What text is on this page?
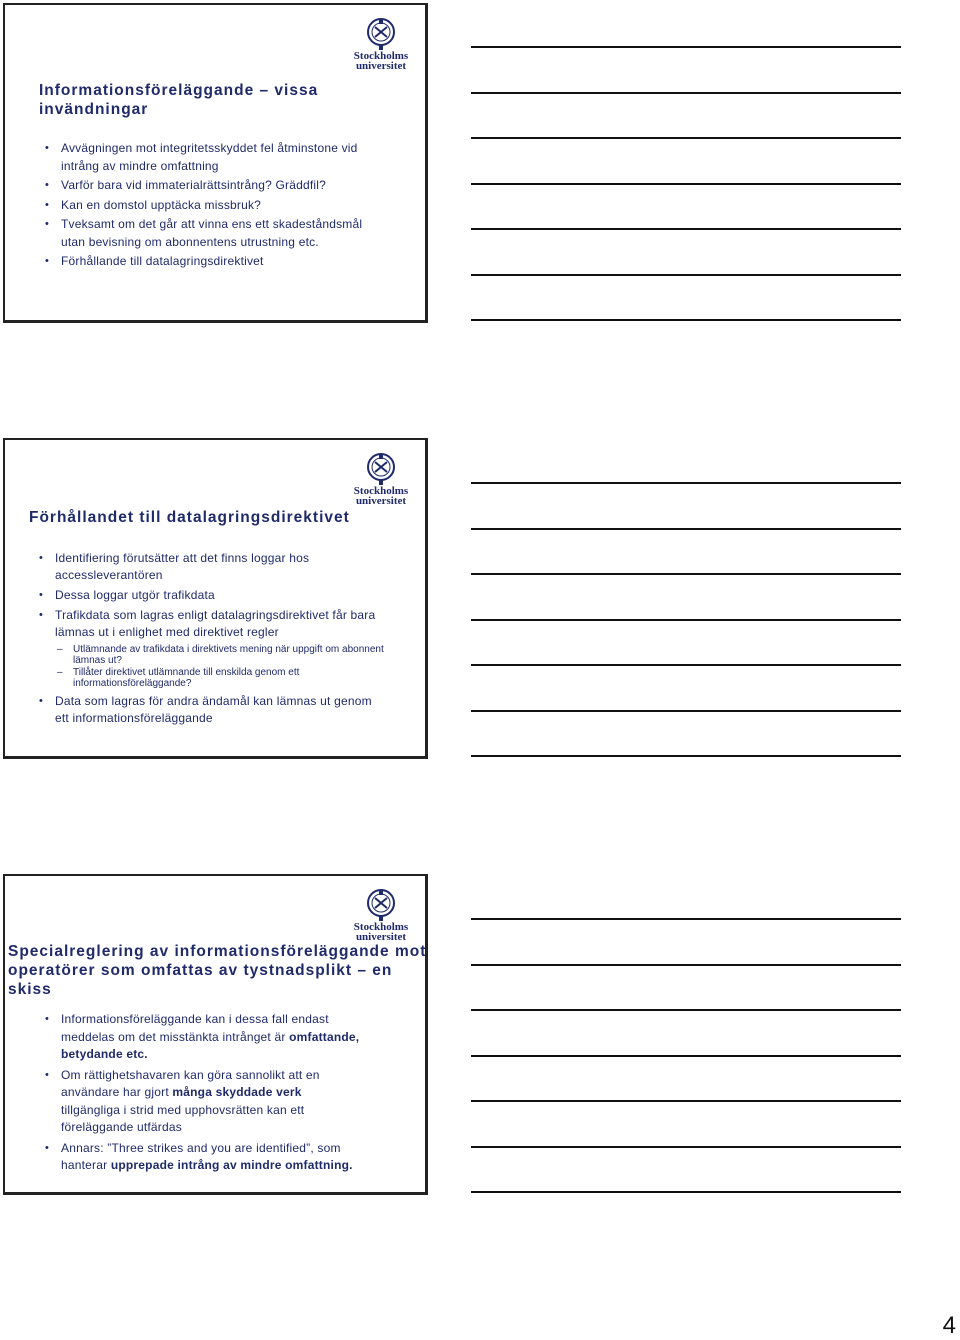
Stockholms
universitet
Informationsföreläggande – vissa invändningar
• Avvägningen mot integritetsskyddet fel åtminstone vid intrång av mindre omfattning
• Varför bara vid immaterialrättsintrång? Gräddfil?
• Kan en domstol upptäcka missbruk?
• Tveksamt om det går att vinna ens ett skadeståndsmål utan bevisning om abonnentens utrustning etc.
• Förhållande till datalagringsdirektivet
Stockholms
universitet
Förhållandet till datalagringsdirektivet
• Identifiering förutsätter att det finns loggar hos accessleverantören
• Dessa loggar utgör trafikdata
• Trafikdata som lagras enligt datalagringsdirektivet får bara lämnas ut i enlighet med direktivet regler
– Utlämnande av trafikdata i direktivets mening när uppgift om abonnent lämnas ut?
– Tillåter direktivet utlämnande till enskilda genom ett informationsföreläggande?
• Data som lagras för andra ändamål kan lämnas ut genom ett informationsföreläggande
Stockholms
universitet
Specialreglering av informationsföreläggande mot operatörer som omfattas av tystnadsplikt – en skiss
• Informationsföreläggande kan i dessa fall endast meddelas om det misstänkta intrånget är omfattande, betydande etc.
• Om rättighetshavaren kan göra sannolikt att en användare har gjort många skyddade verk tillgängliga i strid med upphovsrätten kan ett föreläggande utfärdas
• Annars: ”Three strikes and you are identified”, som hanterar upprepade intrång av mindre omfattning.
4
